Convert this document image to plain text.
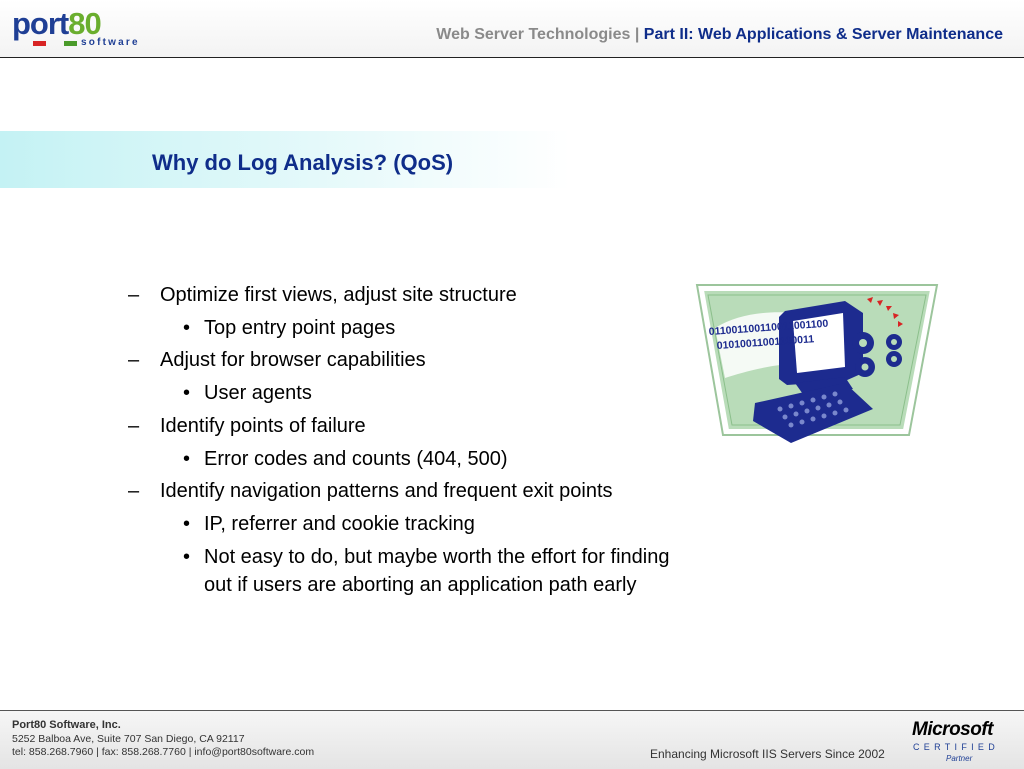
port80
software	Web Server Technologies | Part II: Web Applications & Server Maintenance
Why do Log Analysis? (QoS)
– Optimize first views, adjust site structure
• Top entry point pages
– Adjust for browser capabilities
• User agents
– Identify points of failure
• Error codes and counts (404, 500)
– Identify navigation patterns and frequent exit points
• IP, referrer and cookie tracking
• Not easy to do, but maybe worth the effort for finding
out if users are aborting an application path early
011001100110011001100
01010011001100011
Port80 Software, Inc.
5252 Balboa Ave, Suite 707 San Diego, CA 92117
tel: 858.268.7960 | fax: 858.268.7760 | info@port80software.com	Enhancing Microsoft IIS Servers Since 2002
Microsoft
CERTIFIED
Partner
